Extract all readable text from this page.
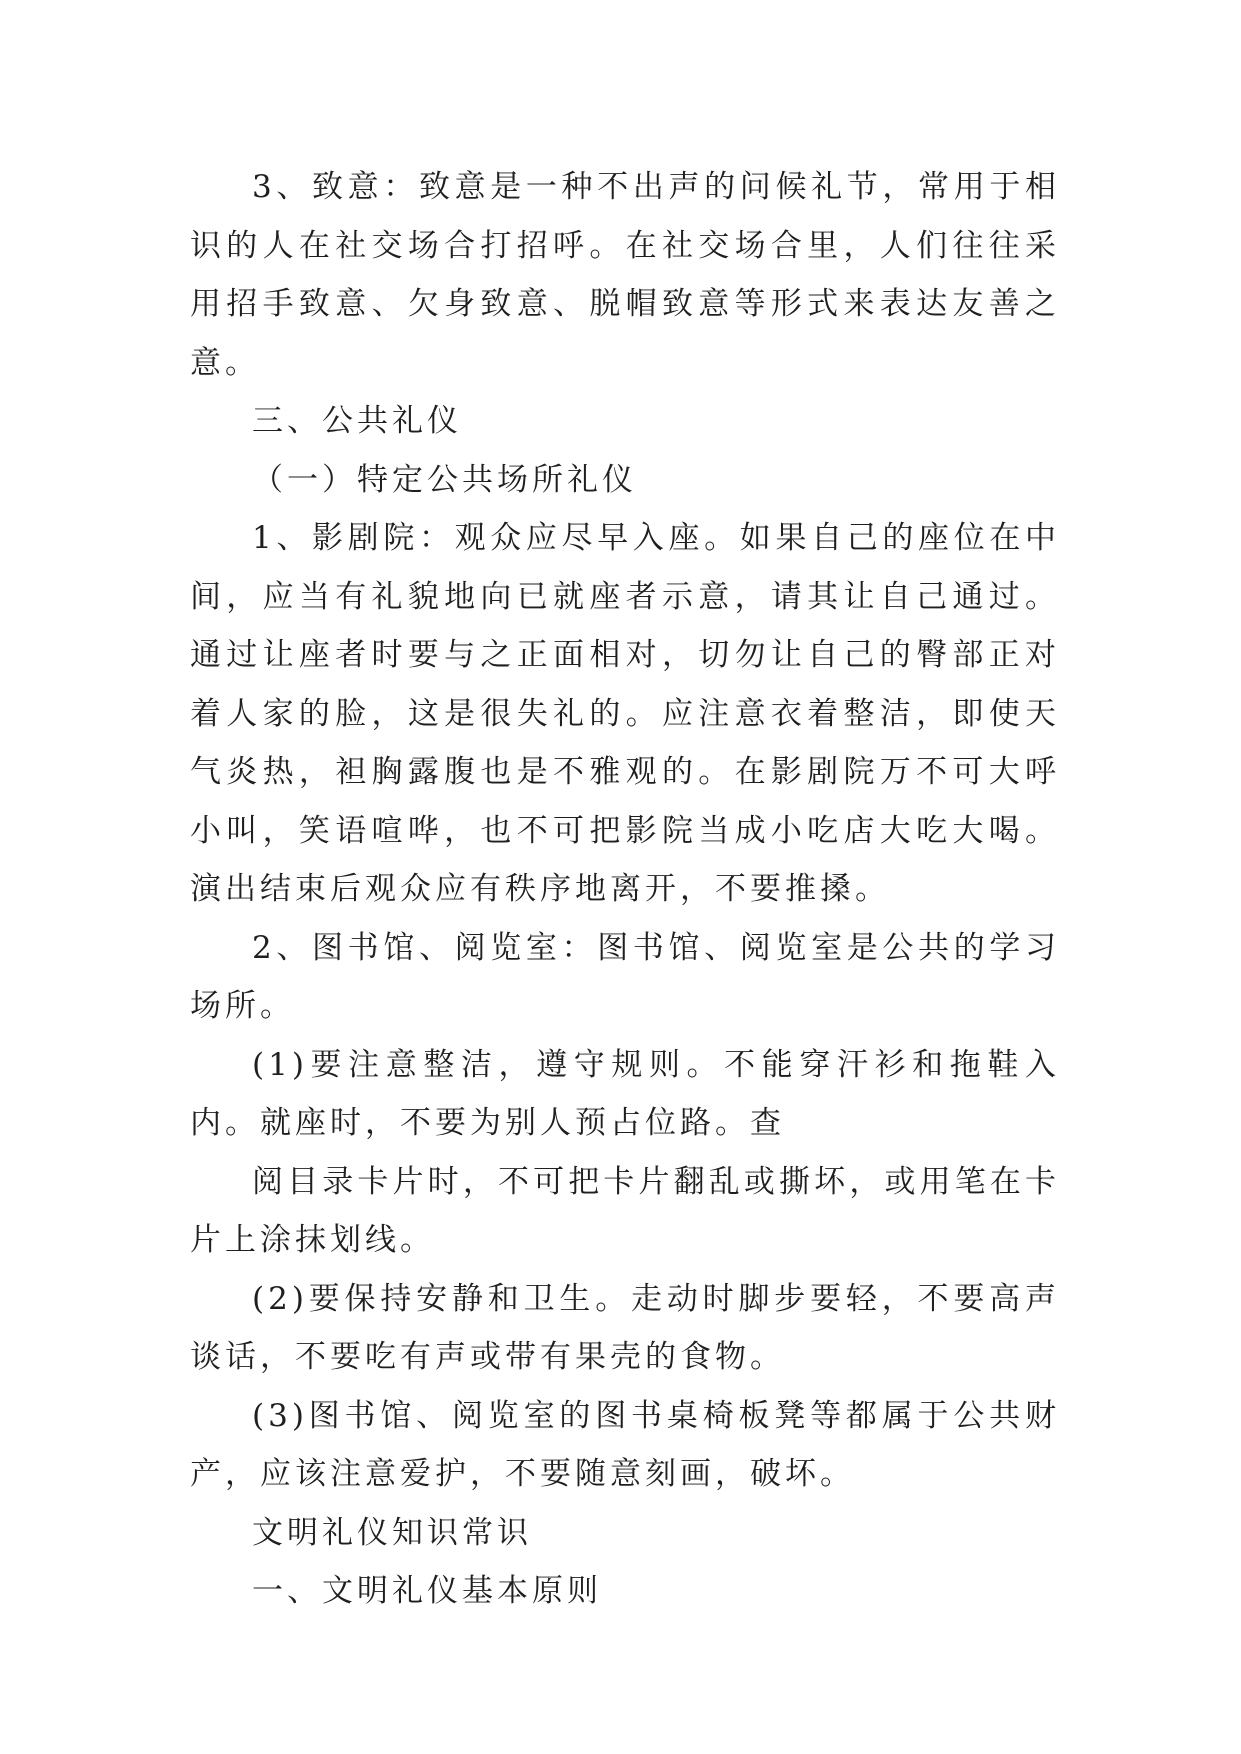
3、致意：致意是一种不出声的问候礼节，常用于相识的人在社交场合打招呼。在社交场合里，人们往往采用招手致意、欠身致意、脱帽致意等形式来表达友善之意。

三、公共礼仪

（一）特定公共场所礼仪

1、影剧院：观众应尽早入座。如果自己的座位在中间，应当有礼貌地向已就座者示意，请其让自己通过。通过让座者时要与之正面相对，切勿让自己的臀部正对着人家的脸，这是很失礼的。应注意衣着整洁，即使天气炎热，袒胸露腹也是不雅观的。在影剧院万不可大呼小叫，笑语喧哗，也不可把影院当成小吃店大吃大喝。演出结束后观众应有秩序地离开，不要推搡。

2、图书馆、阅览室：图书馆、阅览室是公共的学习场所。

(1)要注意整洁，遵守规则。不能穿汗衫和拖鞋入内。就座时，不要为别人预占位路。查

阅目录卡片时，不可把卡片翻乱或撕坏，或用笔在卡片上涂抹划线。

(2)要保持安静和卫生。走动时脚步要轻，不要高声谈话，不要吃有声或带有果壳的食物。

(3)图书馆、阅览室的图书桌椅板凳等都属于公共财产，应该注意爱护，不要随意刻画，破坏。

文明礼仪知识常识

一、文明礼仪基本原则
